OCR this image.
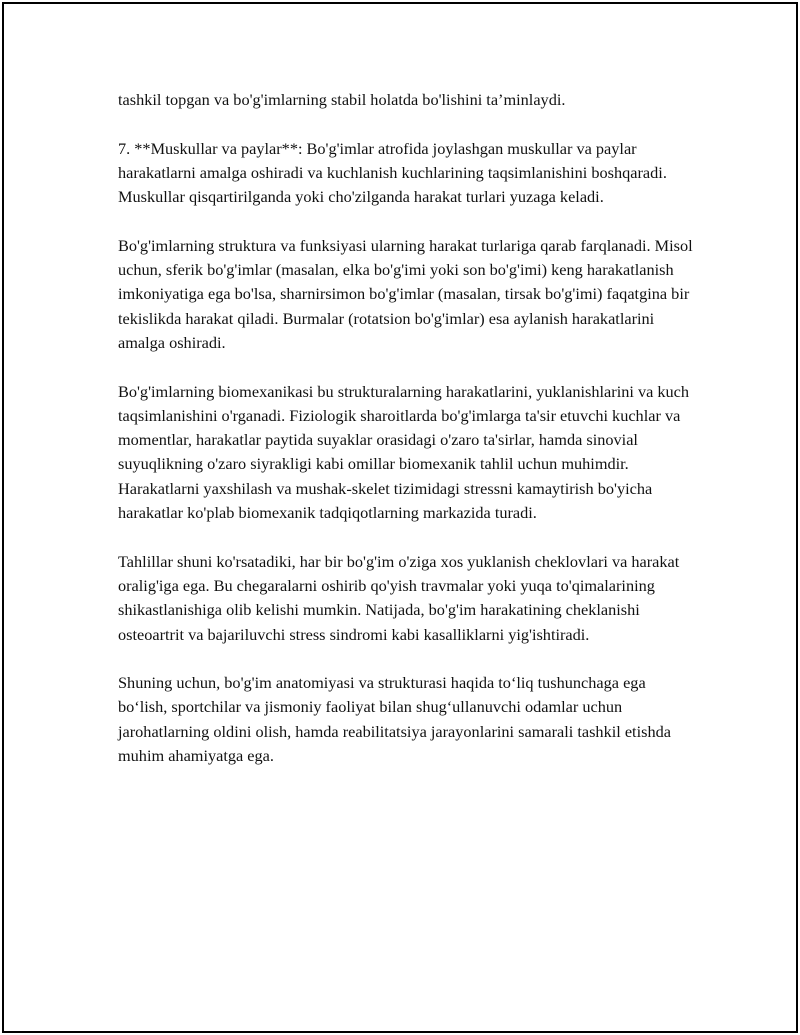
tashkil topgan va bo'g'imlarning stabil holatda bo'lishini ta’minlaydi.

7. **Muskullar va paylar**: Bo'g'imlar atrofida joylashgan muskullar va paylar harakatlarni amalga oshiradi va kuchlanish kuchlarining taqsimlanishini boshqaradi. Muskullar qisqartirilganda yoki cho'zilganda harakat turlari yuzaga keladi.

Bo'g'imlarning struktura va funksiyasi ularning harakat turlariga qarab farqlanadi. Misol uchun, sferik bo'g'imlar (masalan, elka bo'g'imi yoki son bo'g'imi) keng harakatlanish imkoniyatiga ega bo'lsa, sharnirsimon bo'g'imlar (masalan, tirsak bo'g'imi) faqatgina bir tekislikda harakat qiladi. Burmalar (rotatsion bo'g'imlar) esa aylanish harakatlarini amalga oshiradi.

Bo'g'imlarning biomexanikasi bu strukturalarning harakatlarini, yuklanishlarini va kuch taqsimlanishini o'rganadi. Fiziologik sharoitlarda bo'g'imlarga ta'sir etuvchi kuchlar va momentlar, harakatlar paytida suyaklar orasidagi o'zaro ta'sirlar, hamda sinovial suyuqlikning o'zaro siyrakligi kabi omillar biomexanik tahlil uchun muhimdir. Harakatlarni yaxshilash va mushak-skelet tizimidagi stressni kamaytirish bo'yicha harakatlar ko'plab biomexanik tadqiqotlarning markazida turadi.

Tahlillar shuni ko'rsatadiki, har bir bo'g'im o'ziga xos yuklanish cheklovlari va harakat oralig'iga ega. Bu chegaralarni oshirib qo'yish travmalar yoki yuqa to'qimalarining shikastlanishiga olib kelishi mumkin. Natijada, bo'g'im harakatining cheklanishi osteoartrit va bajariluvchi stress sindromi kabi kasalliklarni yig'ishtiradi.

Shuning uchun, bo'g'im anatomiyasi va strukturasi haqida to‘liq tushunchaga ega bo‘lish, sportchilar va jismoniy faoliyat bilan shug‘ullanuvchi odamlar uchun jarohatlarning oldini olish, hamda reabilitatsiya jarayonlarini samarali tashkil etishda muhim ahamiyatga ega.
